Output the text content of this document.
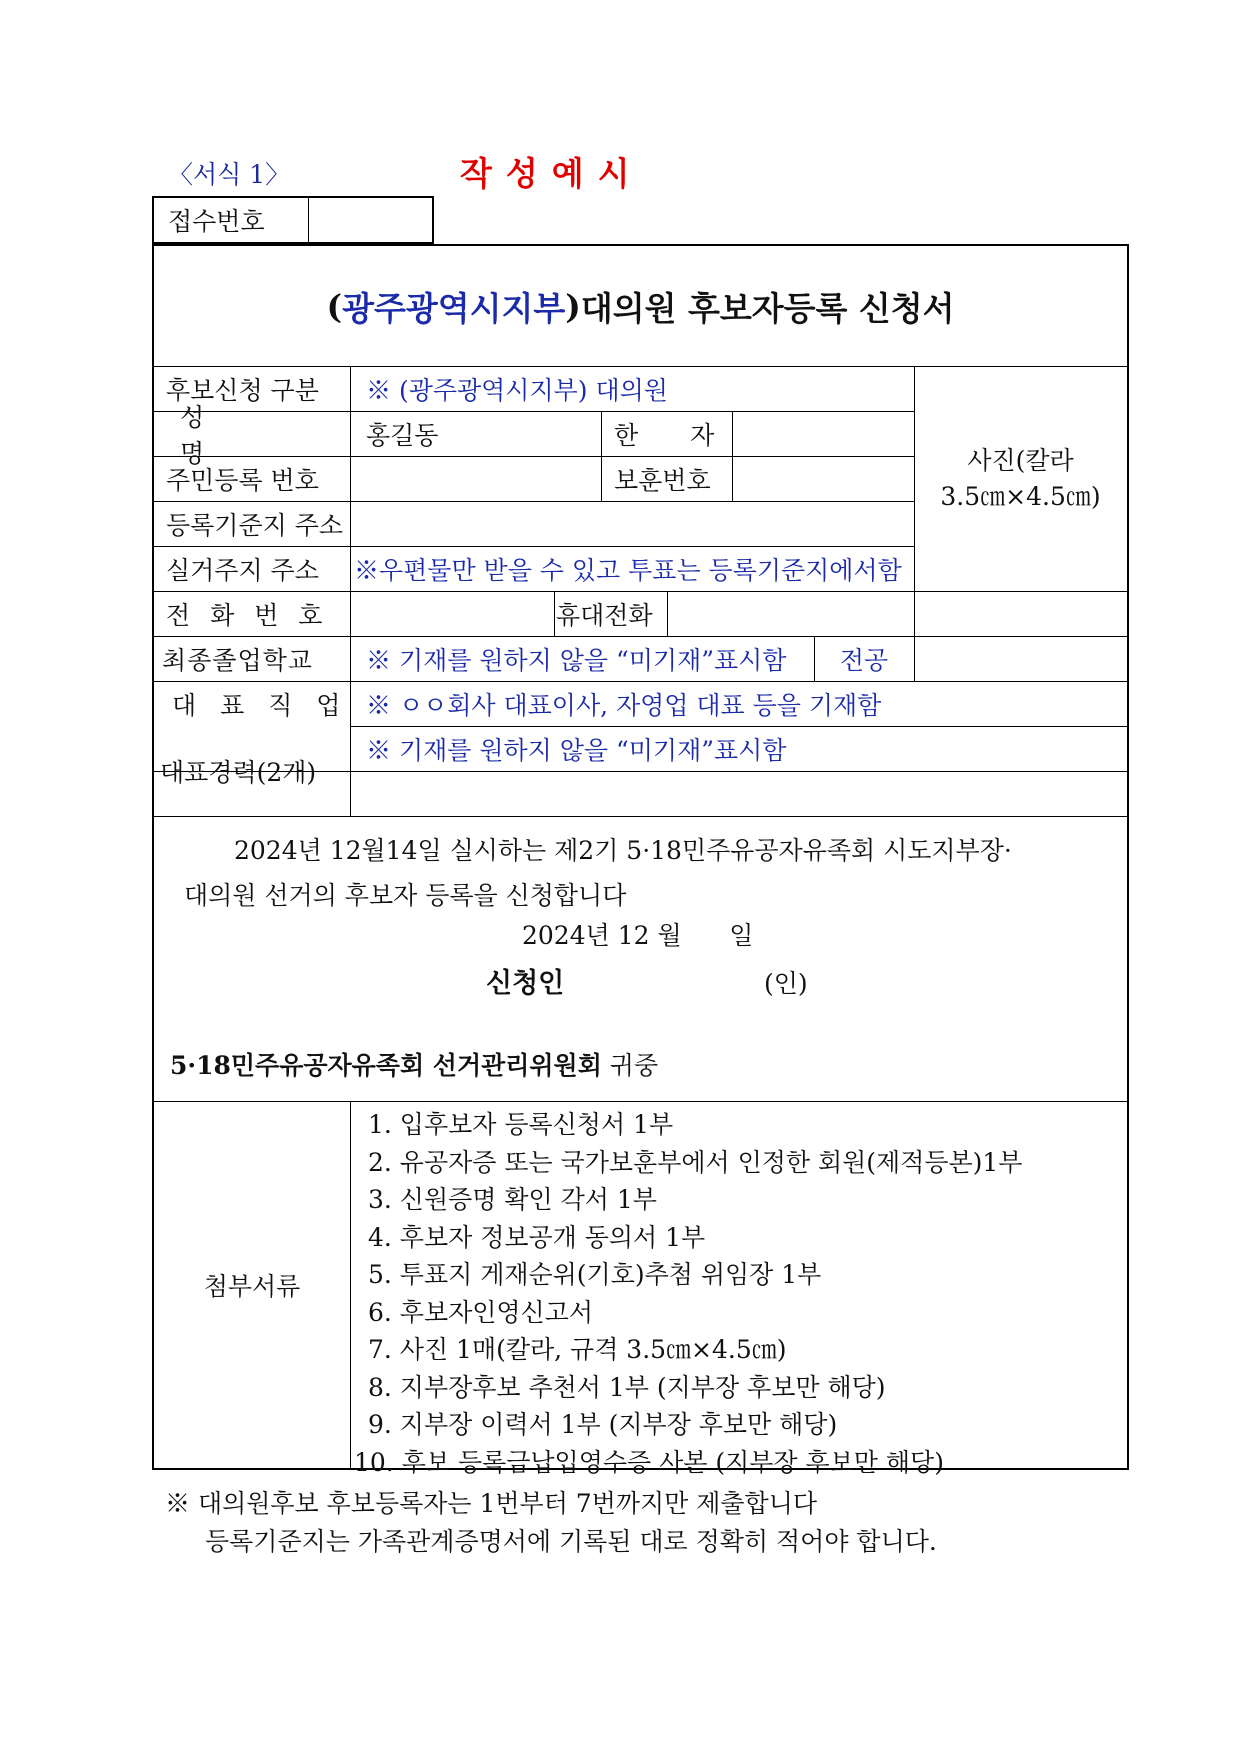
〈서식 1〉	작성예시
접수번호
( 광주광역시지부 ) 대의원 후보자등록 신청서
후보신청 구분	※ (광주광역시지부) 대의원
성 명
홍길동	한 자
주민등록 번호	보훈번호
등록기준지 주소
실거주지 주소	※우편물만 받을 수 있고 투표는 등록기준지에서함
사진(칼라
3.5㎝×4.5㎝)
전 화 번 호	휴대전화
최종졸업학교	※ 기재를 원하지 않을 “미기재”표시함	전공
대 표 직 업	※ ㅇㅇ회사 대표이사, 자영업 대표 등을 기재함
대표경력(2개)
※ 기재를 원하지 않을 “미기재”표시함
2024년 12월14일 실시하는 제2기 5·18민주유공자유족회 시도지부장·
대의원 선거의 후보자 등록을 신청합니다
2024년 12 월      일
신청인	(인)
5·18민주유공자유족회 선거관리위원회 귀중
첨부서류
1. 입후보자 등록신청서 1부
2. 유공자증 또는 국가보훈부에서 인정한 회원(제적등본)1부
3. 신원증명 확인 각서 1부
4. 후보자 정보공개 동의서 1부
5. 투표지 게재순위(기호)추첨 위임장 1부
6. 후보자인영신고서
7. 사진 1매(칼라, 규격 3.5㎝×4.5㎝)
8. 지부장후보 추천서 1부 (지부장 후보만 해당)
9. 지부장 이력서 1부 (지부장 후보만 해당)
10. 후보 등록금납입영수증 사본 (지부장 후보만 해당)
※ 대의원후보 후보등록자는 1번부터 7번까지만 제출합니다
등록기준지는 가족관계증명서에 기록된 대로 정확히 적어야 합니다.
